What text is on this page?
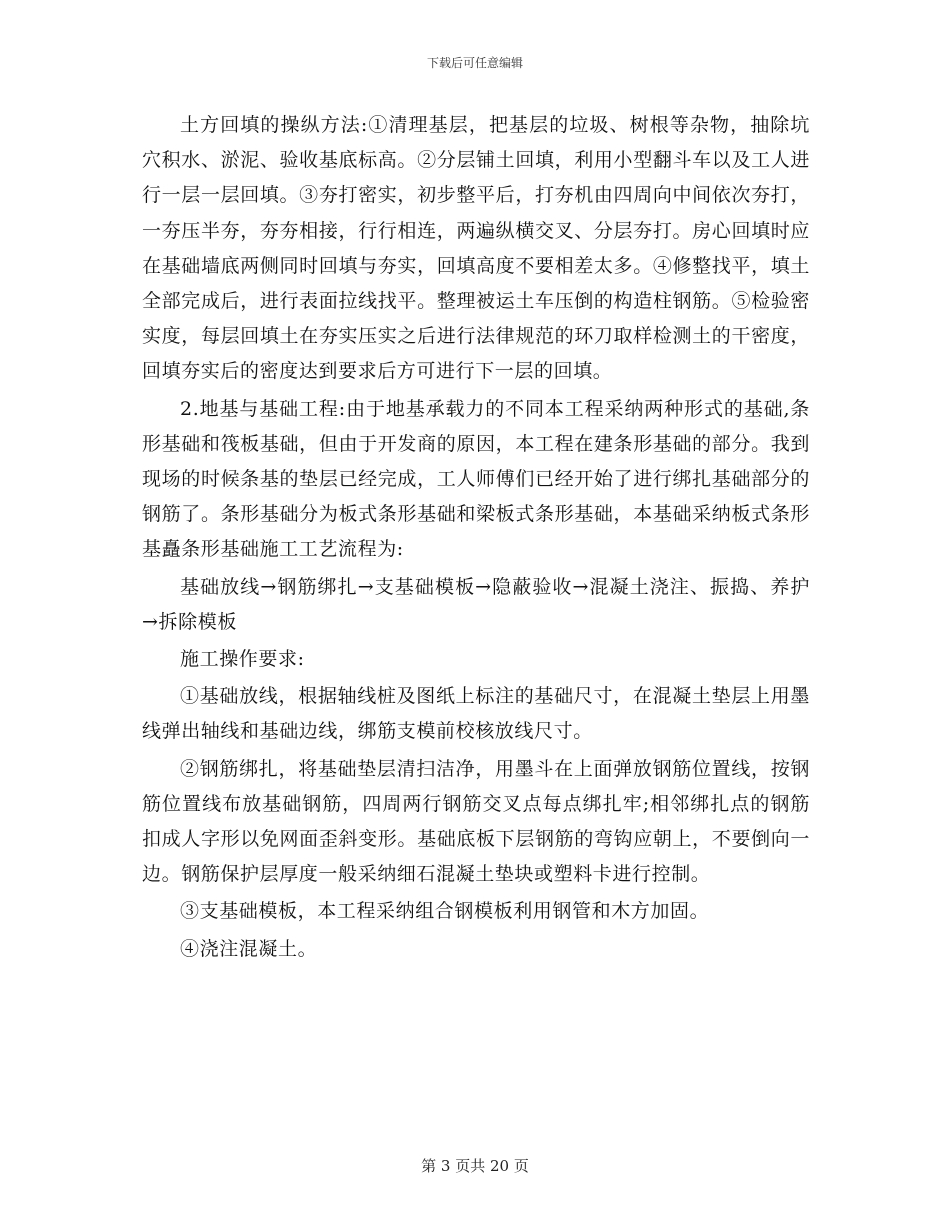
下载后可任意编辑

土方回填的操纵方法:①清理基层，把基层的垃圾、树根等杂物，抽除坑穴积水、淤泥、验收基底标高。②分层铺土回填，利用小型翻斗车以及工人进行一层一层回填。③夯打密实，初步整平后，打夯机由四周向中间依次夯打，一夯压半夯，夯夯相接，行行相连，两遍纵横交叉、分层夯打。房心回填时应在基础墙底两侧同时回填与夯实，回填高度不要相差太多。④修整找平，填土全部完成后，进行表面拉线找平。整理被运土车压倒的构造柱钢筋。⑤检验密实度，每层回填土在夯实压实之后进行法律规范的环刀取样检测土的干密度，回填夯实后的密度达到要求后方可进行下一层的回填。

2.地基与基础工程:由于地基承载力的不同本工程采纳两种形式的基础,条形基础和筏板基础，但由于开发商的原因，本工程在建条形基础的部分。我到现场的时候条基的垫层已经完成，工人师傅们已经开始了进行绑扎基础部分的钢筋了。条形基础分为板式条形基础和梁板式条形基础，本基础采纳板式条形基矗条形基础施工工艺流程为:

基础放线→钢筋绑扎→支基础模板→隐蔽验收→混凝土浇注、振捣、养护→拆除模板

施工操作要求:

①基础放线，根据轴线桩及图纸上标注的基础尺寸，在混凝土垫层上用墨线弹出轴线和基础边线，绑筋支模前校核放线尺寸。

②钢筋绑扎，将基础垫层清扫洁净，用墨斗在上面弹放钢筋位置线，按钢筋位置线布放基础钢筋，四周两行钢筋交叉点每点绑扎牢;相邻绑扎点的钢筋扣成人字形以免网面歪斜变形。基础底板下层钢筋的弯钩应朝上，不要倒向一边。钢筋保护层厚度一般采纳细石混凝土垫块或塑料卡进行控制。

③支基础模板，本工程采纳组合钢模板利用钢管和木方加固。

④浇注混凝土。

第 3 页共 20 页
